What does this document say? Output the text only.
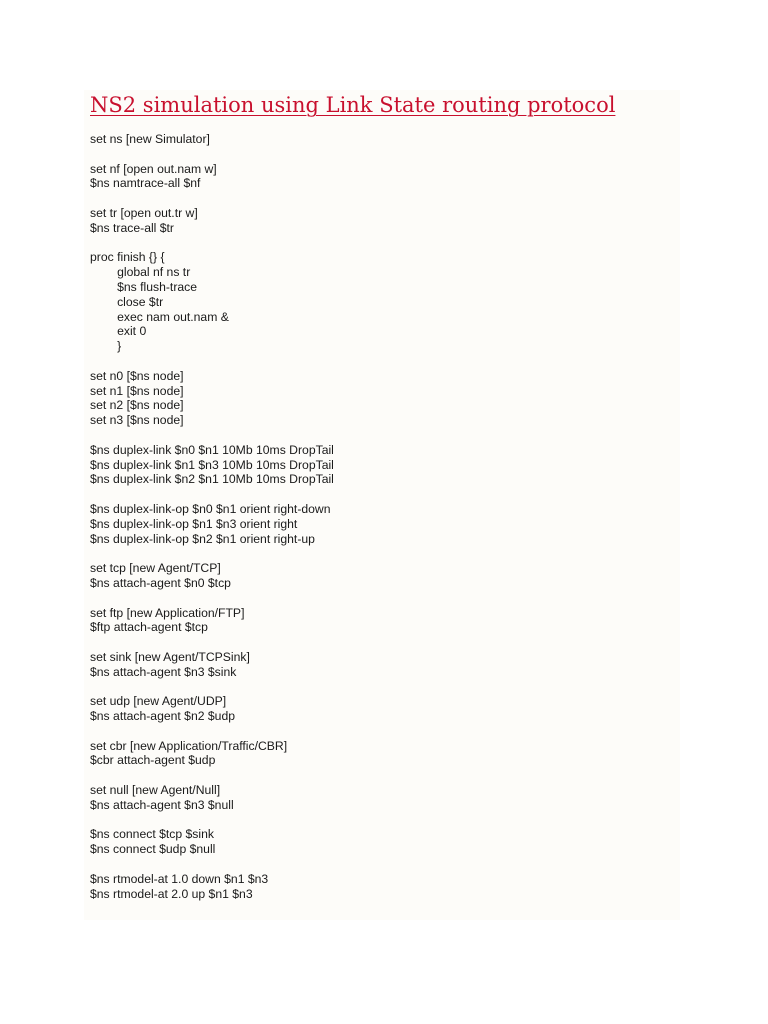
NS2 simulation using Link State routing protocol
set ns [new Simulator]
set nf [open out.nam w]
$ns namtrace-all $nf
set tr [open out.tr w]
$ns trace-all $tr
proc finish {} {
global nf ns tr
$ns flush-trace
close $tr
exec nam out.nam &
exit 0
}
set n0 [$ns node]
set n1 [$ns node]
set n2 [$ns node]
set n3 [$ns node]
$ns duplex-link $n0 $n1 10Mb 10ms DropTail
$ns duplex-link $n1 $n3 10Mb 10ms DropTail
$ns duplex-link $n2 $n1 10Mb 10ms DropTail
$ns duplex-link-op $n0 $n1 orient right-down
$ns duplex-link-op $n1 $n3 orient right
$ns duplex-link-op $n2 $n1 orient right-up
set tcp [new Agent/TCP]
$ns attach-agent $n0 $tcp
set ftp [new Application/FTP]
$ftp attach-agent $tcp
set sink [new Agent/TCPSink]
$ns attach-agent $n3 $sink
set udp [new Agent/UDP]
$ns attach-agent $n2 $udp
set cbr [new Application/Traffic/CBR]
$cbr attach-agent $udp
set null [new Agent/Null]
$ns attach-agent $n3 $null
$ns connect $tcp $sink
$ns connect $udp $null
$ns rtmodel-at 1.0 down $n1 $n3
$ns rtmodel-at 2.0 up $n1 $n3
